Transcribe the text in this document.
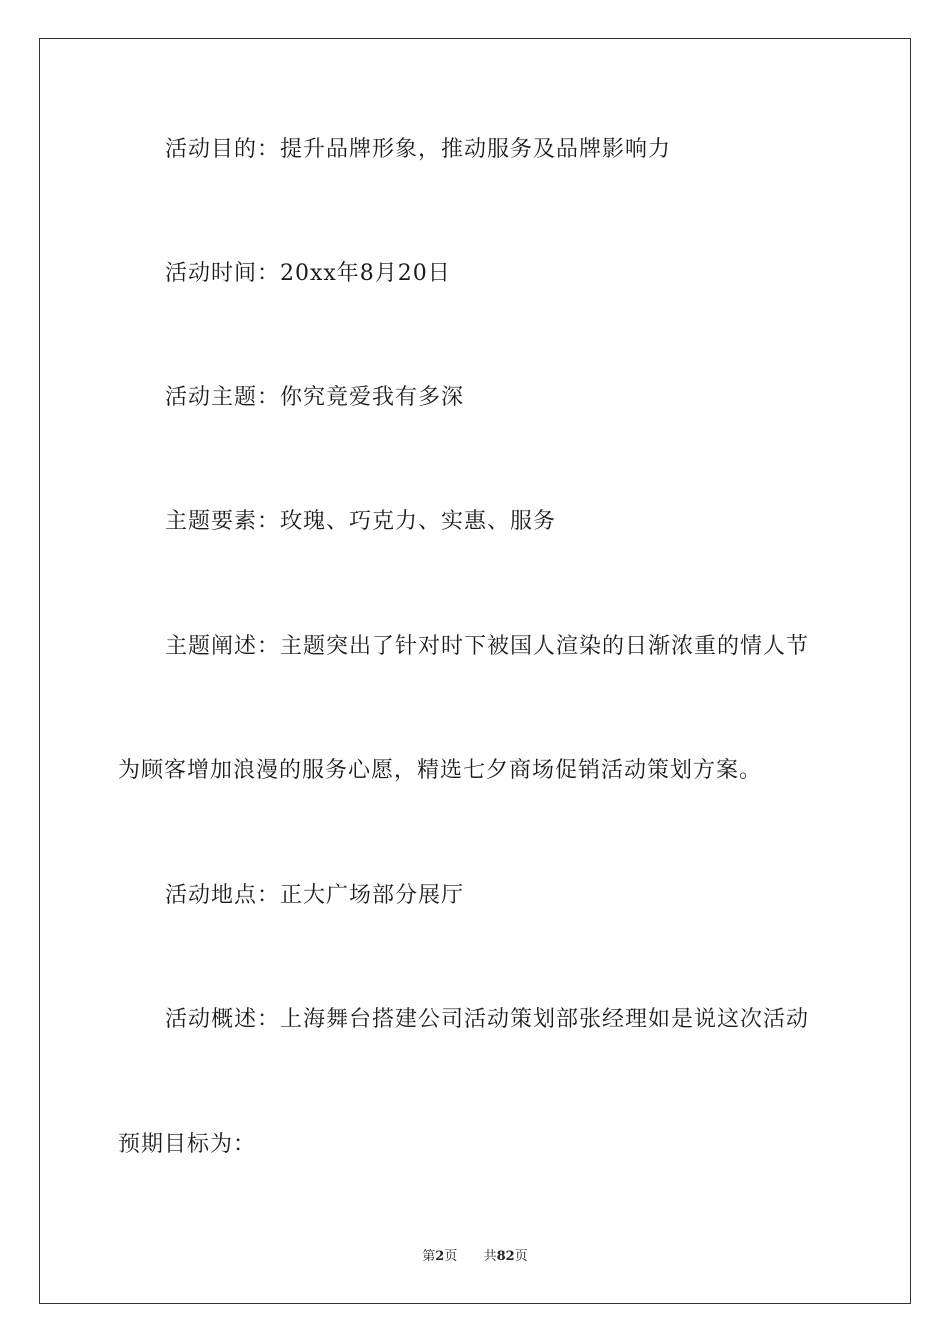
活动目的：提升品牌形象，推动服务及品牌影响力

活动时间：20xx年8月20日

活动主题：你究竟爱我有多深

主题要素：玫瑰、巧克力、实惠、服务

主题阐述：主题突出了针对时下被国人渲染的日渐浓重的情人节

为顾客增加浪漫的服务心愿，精选七夕商场促销活动策划方案。

活动地点：正大广场部分展厅

活动概述：上海舞台搭建公司活动策划部张经理如是说这次活动

预期目标为：

第2页 共82页
